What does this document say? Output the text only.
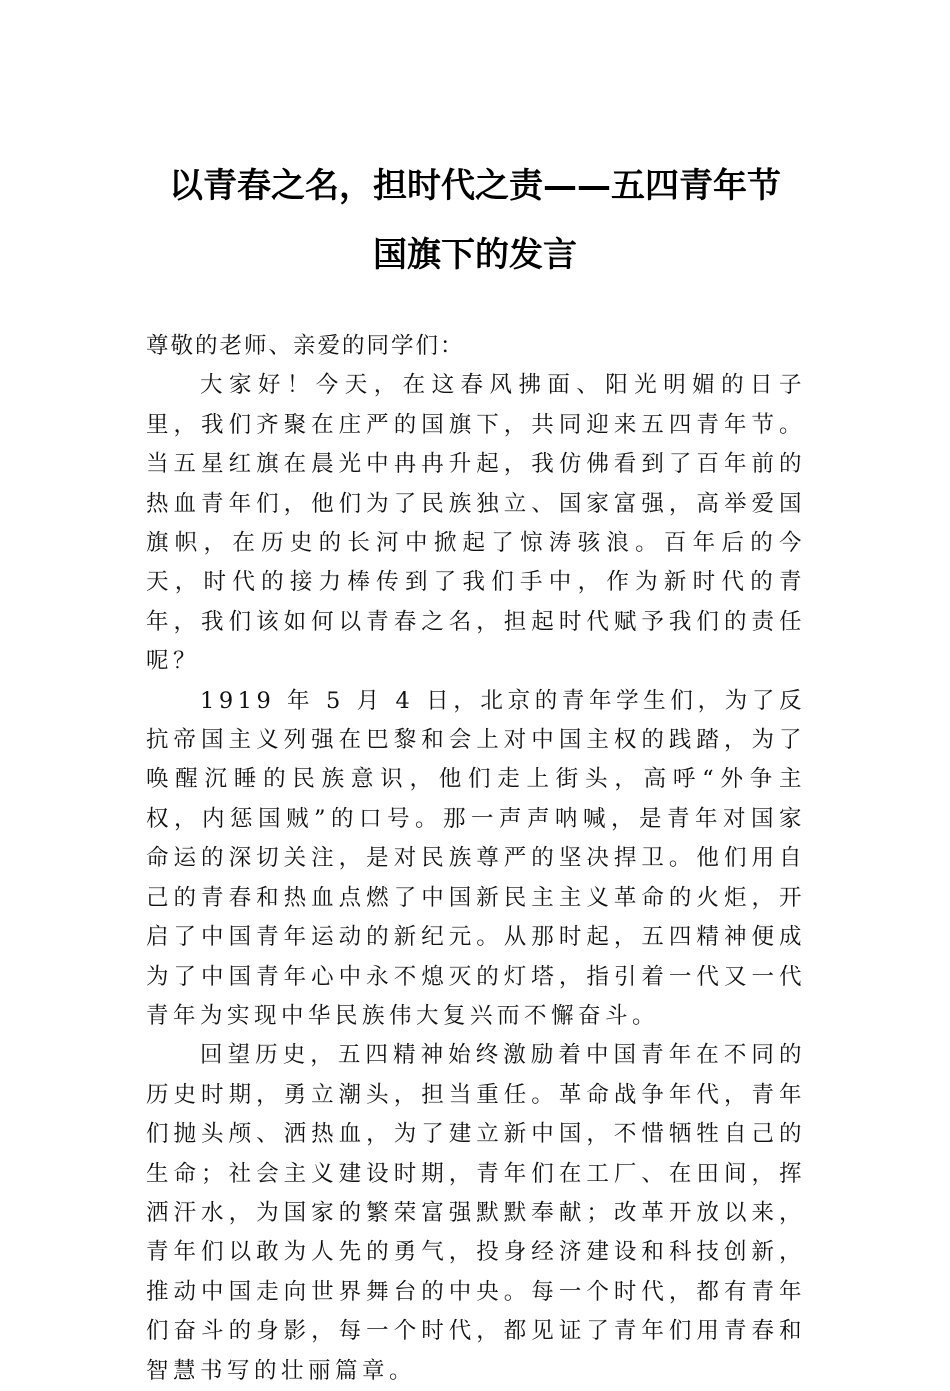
以青春之名，担时代之责——五四青年节
国旗下的发言

尊敬的老师、亲爱的同学们：

大家好！今天，在这春风拂面、阳光明媚的日子里，我们齐聚在庄严的国旗下，共同迎来五四青年节。当五星红旗在晨光中冉冉升起，我仿佛看到了百年前的热血青年们，他们为了民族独立、国家富强，高举爱国旗帜，在历史的长河中掀起了惊涛骇浪。百年后的今天，时代的接力棒传到了我们手中，作为新时代的青年，我们该如何以青春之名，担起时代赋予我们的责任呢？

1919 年 5 月 4 日，北京的青年学生们，为了反抗帝国主义列强在巴黎和会上对中国主权的践踏，为了唤醒沉睡的民族意识，他们走上街头，高呼“外争主权，内惩国贼”的口号。那一声声呐喊，是青年对国家命运的深切关注，是对民族尊严的坚决捍卫。他们用自己的青春和热血点燃了中国新民主主义革命的火炬，开启了中国青年运动的新纪元。从那时起，五四精神便成为了中国青年心中永不熄灭的灯塔，指引着一代又一代青年为实现中华民族伟大复兴而不懈奋斗。

回望历史，五四精神始终激励着中国青年在不同的历史时期，勇立潮头，担当重任。革命战争年代，青年们抛头颅、洒热血，为了建立新中国，不惜牺牲自己的生命；社会主义建设时期，青年们在工厂、在田间，挥洒汗水，为国家的繁荣富强默默奉献；改革开放以来，青年们以敢为人先的勇气，投身经济建设和科技创新，推动中国走向世界舞台的中央。每一个时代，都有青年们奋斗的身影，每一个时代，都见证了青年们用青春和智慧书写的壮丽篇章。
